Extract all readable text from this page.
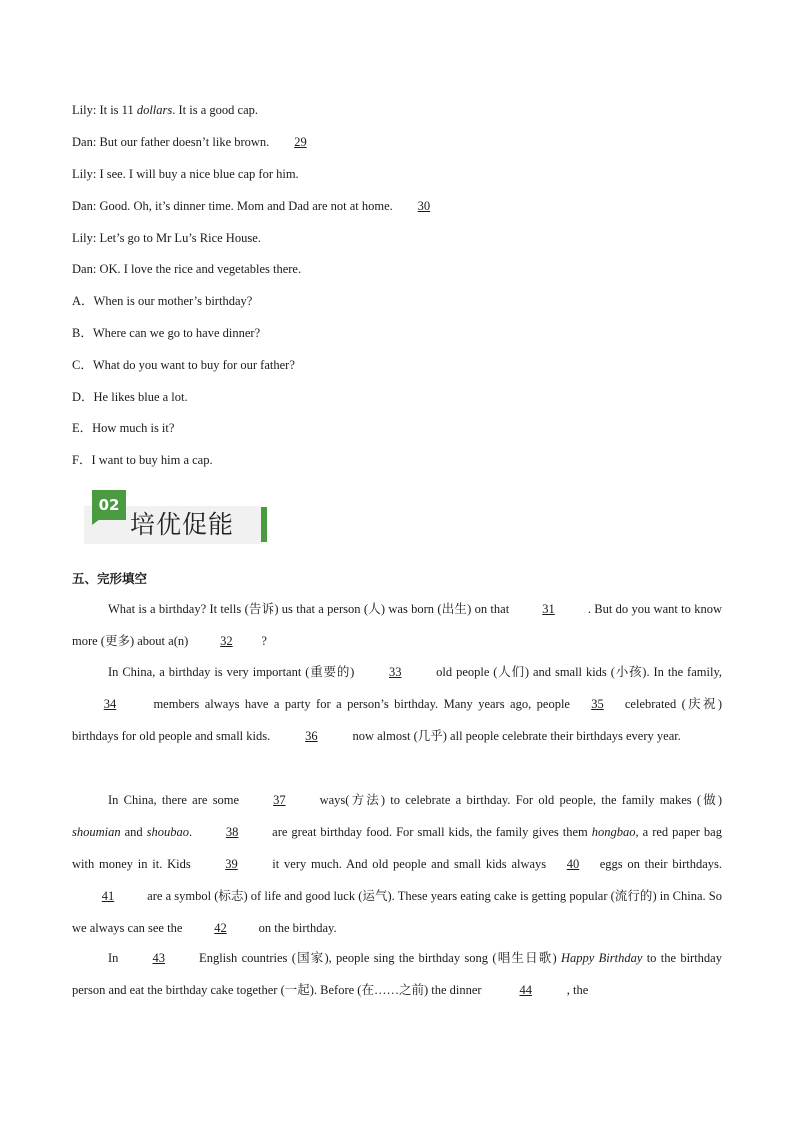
Lily: It is 11 dollars. It is a good cap.
Dan: But our father doesn’t like brown. 29
Lily: I see. I will buy a nice blue cap for him.
Dan: Good. Oh, it’s dinner time. Mom and Dad are not at home. 30
Lily: Let’s go to Mr Lu’s Rice House.
Dan: OK. I love the rice and vegetables there.
A．When is our mother’s birthday?
B．Where can we go to have dinner?
C．What do you want to buy for our father?
D．He likes blue a lot.
E．How much is it?
F．I want to buy him a cap.
02
培优促能
五、完形填空
What is a birthday? It tells (告诉) us that a person (人) was born (出生) on that 31 . But do you want to know more (更多) about a(n) 32 ?
In China, a birthday is very important (重要的) 33 old people (人们) and small kids (小孩). In the family, 34	members always have a party for a person’s birthday. Many years ago, people 35 celebrated (庆祝) birthdays for old people and small kids.	36	now almost (几乎) all people celebrate their birthdays every year.
In China, there are some 37 ways(方法) to celebrate a birthday. For old people, the family makes (做) shoumian and shoubao. 38 are great birthday food. For small kids, the family gives them hongbao, a red paper bag with money in it. Kids 39 it very much. And old people and small kids always 40 eggs on their birthdays. 41 are a symbol (标志) of life and good luck (运气). These years eating cake is getting popular (流行的) in China. So we always can see the 42 on the birthday.
In 43 English countries (国家), people sing the birthday song (唱生日歌) Happy Birthday to the birthday person and eat the birthday cake together (一起). Before (在……之前) the dinner	44	, the
